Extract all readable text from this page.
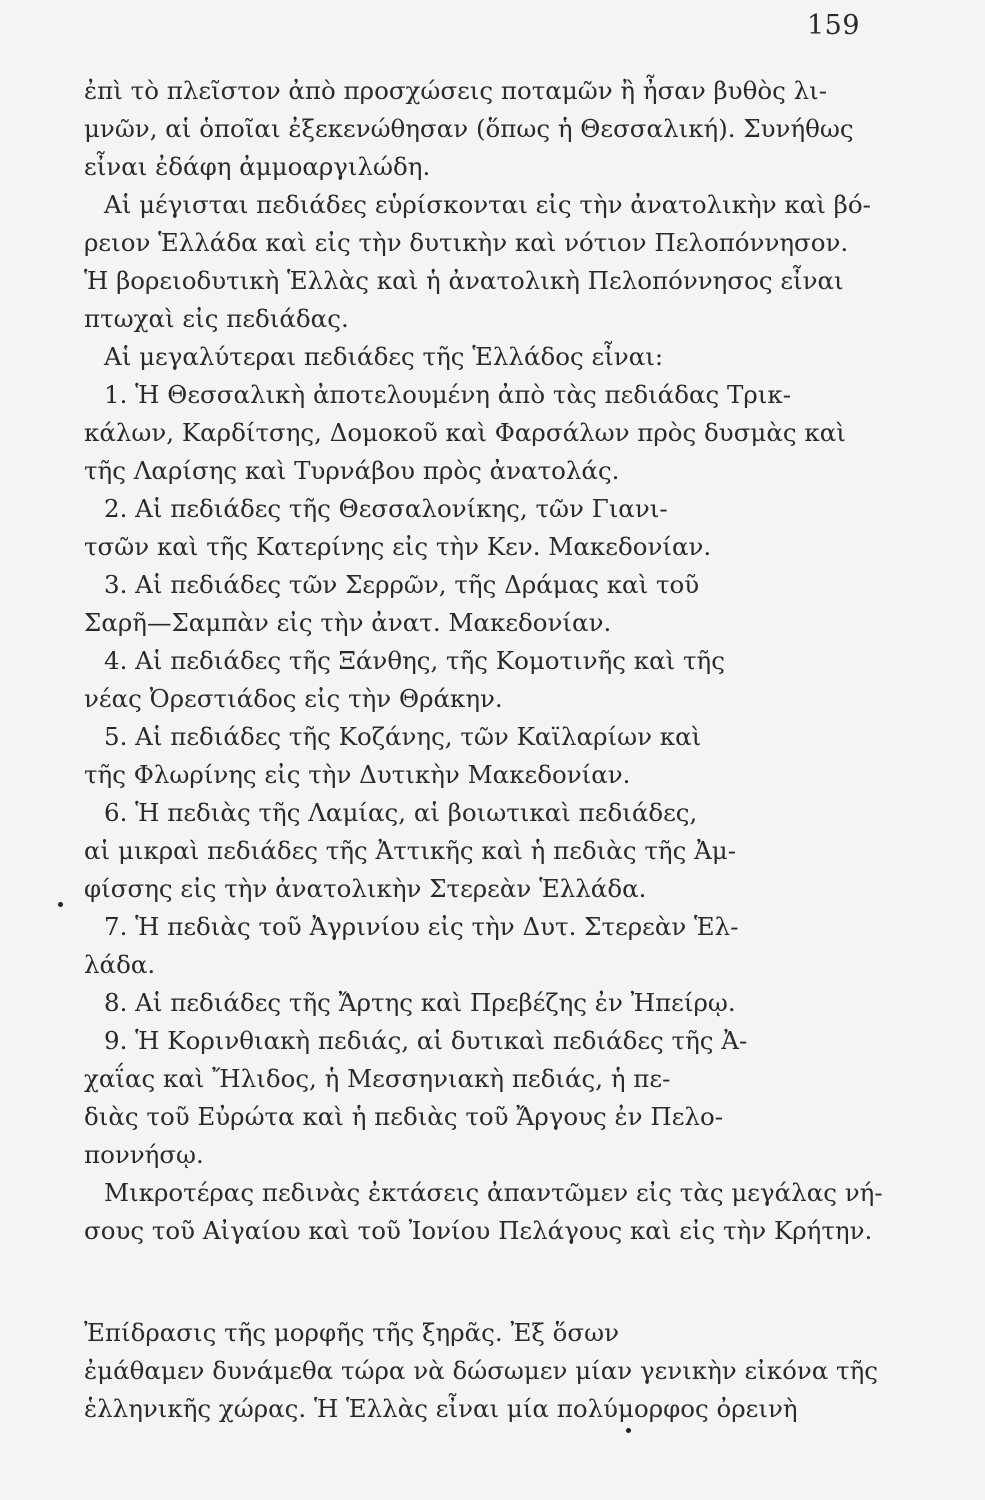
159
ἐπὶ τὸ πλεῖστον ἀπὸ προσχώσεις ποταμῶν ἢ ἦσαν βυθὸς λι-
μνῶν, αἱ ὁποῖαι ἐξεκενώθησαν (ὅπως ἡ Θεσσαλική). Συνήθως
εἶναι ἐδάφη ἀμμοαργιλώδη.
Αἱ μέγισται πεδιάδες εὑρίσκονται εἰς τὴν ἀνατολικὴν καὶ βό-
ρειον Ἑλλάδα καὶ εἰς τὴν δυτικὴν καὶ νότιον Πελοπόννησον.
Ἡ βορειοδυτικὴ Ἑλλὰς καὶ ἡ ἀνατολικὴ Πελοπόννησος εἶναι
πτωχαὶ εἰς πεδιάδας.
Αἱ μεγαλύτεραι πεδιάδες τῆς Ἑλλάδος εἶναι:
1. Ἡ Θεσσαλικὴ ἀποτελουμένη ἀπὸ τὰς πεδιάδας Τρικ-
κάλων, Καρδίτσης, Δομοκοῦ καὶ Φαρσάλων πρὸς δυσμὰς καὶ
τῆς Λαρίσης καὶ Τυρνάβου πρὸς ἀνατολάς.
2. Αἱ πεδιάδες τῆς Θεσσαλονίκης, τῶν Γιανι-
τσῶν καὶ τῆς Κατερίνης εἰς τὴν Κεν. Μακεδονίαν.
3. Αἱ πεδιάδες τῶν Σερρῶν, τῆς Δράμας καὶ τοῦ
Σαρῆ—Σαμπὰν εἰς τὴν ἀνατ. Μακεδονίαν.
4. Αἱ πεδιάδες τῆς Ξάνθης, τῆς Κομοτινῆς καὶ τῆς
νέας Ὀρεστιάδος εἰς τὴν Θράκην.
5. Αἱ πεδιάδες τῆς Κοζάνης, τῶν Καϊλαρίων καὶ
τῆς Φλωρίνης εἰς τὴν Δυτικὴν Μακεδονίαν.
6. Ἡ πεδιὰς τῆς Λαμίας, αἱ βοιωτικαὶ πεδιάδες,
αἱ μικραὶ πεδιάδες τῆς Ἀττικῆς καὶ ἡ πεδιὰς τῆς Ἀμ-
φίσσης εἰς τὴν ἀνατολικὴν Στερεὰν Ἑλλάδα.
7. Ἡ πεδιὰς τοῦ Ἀγρινίου εἰς τὴν Δυτ. Στερεὰν Ἑλ-
λάδα.
8. Αἱ πεδιάδες τῆς Ἄρτης καὶ Πρεβέζης ἐν Ἠπείρῳ.
9. Ἡ Κορινθιακὴ πεδιάς, αἱ δυτικαὶ πεδιάδες τῆς Ἀ-
χαΐας καὶ Ἤλιδος, ἡ Μεσσηνιακὴ πεδιάς, ἡ πε-
διὰς τοῦ Εὐρώτα καὶ ἡ πεδιὰς τοῦ Ἄργους ἐν Πελο-
ποννήσῳ.
Μικροτέρας πεδινὰς ἐκτάσεις ἀπαντῶμεν εἰς τὰς μεγάλας νή-
σους τοῦ Αἰγαίου καὶ τοῦ Ἰονίου Πελάγους καὶ εἰς τὴν Κρήτην.
Ἐπίδρασις τῆς μορφῆς τῆς ξηρᾶς. Ἐξ ὅσων
ἐμάθαμεν δυνάμεθα τώρα νὰ δώσωμεν μίαν γενικὴν εἰκόνα τῆς
ἑλληνικῆς χώρας. Ἡ Ἑλλὰς εἶναι μία πολύμορφος ὀρεινὴ
